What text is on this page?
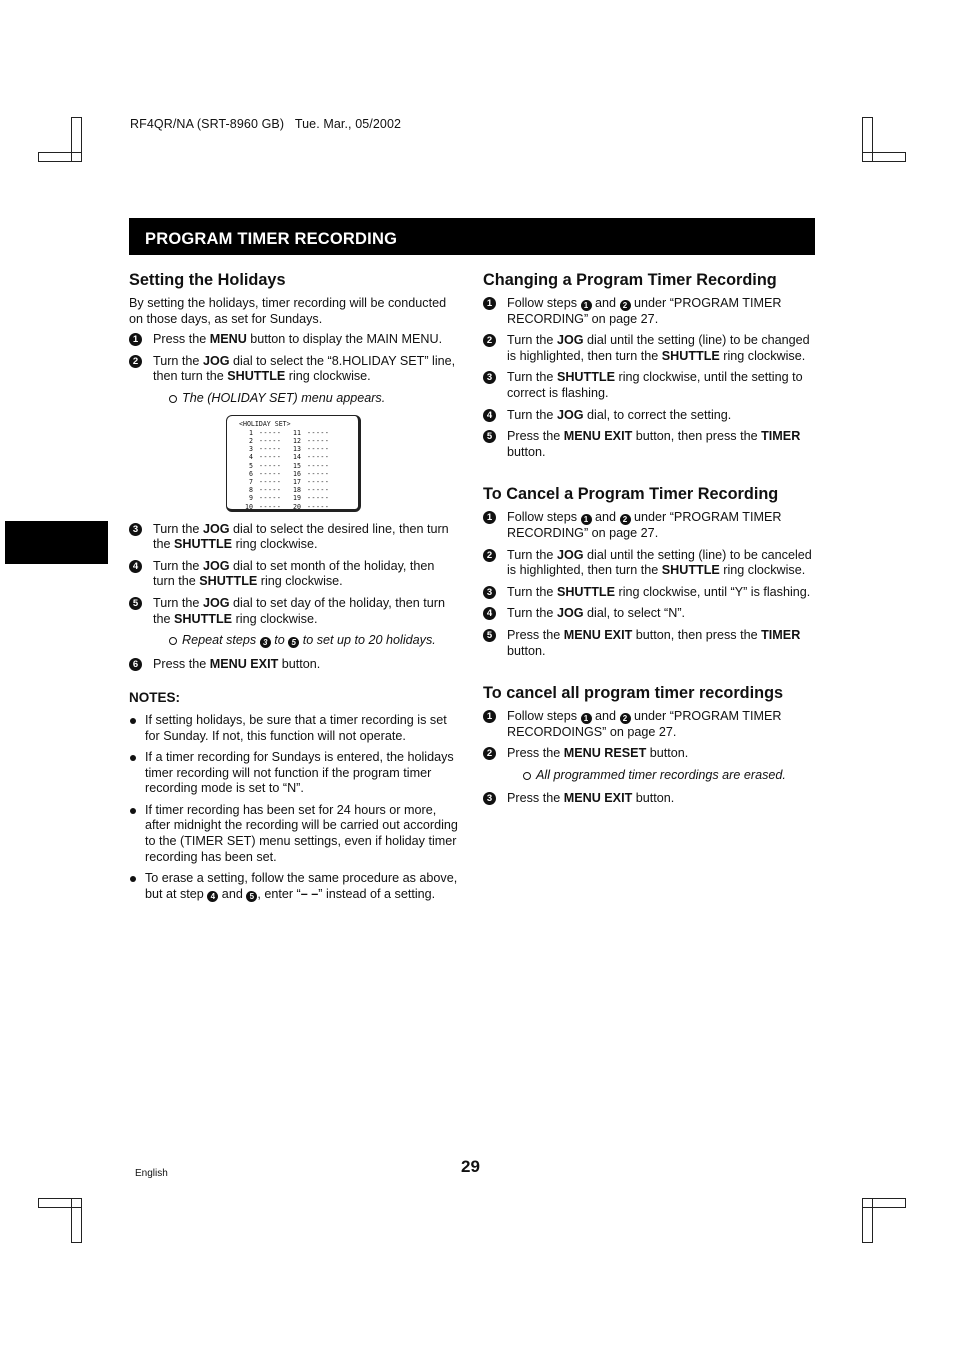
RF4QR/NA (SRT-8960 GB) Tue. Mar., 05/2002
PROGRAM TIMER RECORDING
Setting the Holidays

By setting the holidays, timer recording will be conducted on those days, as set for Sundays.

1	Press the MENU button to display the MAIN MENU.
2	Turn the JOG dial to select the “8.HOLIDAY SET” line, then turn the SHUTTLE ring clockwise.
The (HOLIDAY SET) menu appears.
<HOLIDAY SET>
1 -----	11 -----
2 -----	12 -----
3 -----	13 -----
4 -----	14 -----
5 -----	15 -----
6 -----	16 -----
7 -----	17 -----
8 -----	18 -----
9 -----	19 -----
10 -----	20 -----
3	Turn the JOG dial to select the desired line, then turn the SHUTTLE ring clockwise.
4	Turn the JOG dial to set month of the holiday, then turn the SHUTTLE ring clockwise.
5	Turn the JOG dial to set day of the holiday, then turn the SHUTTLE ring clockwise.
Repeat steps 3 to 5 to set up to 20 holidays.
6	Press the MENU EXIT button.
NOTES:
If setting holidays, be sure that a timer recording is set for Sunday. If not, this function will not operate.
If a timer recording for Sundays is entered, the holidays timer recording will not function if the program timer recording mode is set to “N”.
If timer recording has been set for 24 hours or more, after midnight the recording will be carried out according to the (TIMER SET) menu settings, even if holiday timer recording has been set.
To erase a setting, follow the same procedure as above, but at step 4 and 5 , enter “– –” instead of a setting.
Changing a Program Timer Recording
1	Follow steps 1 and 2 under “PROGRAM TIMER RECORDING” on page 27.
2	Turn the JOG dial until the setting (line) to be changed is highlighted, then turn the SHUTTLE ring clockwise.
3	Turn the SHUTTLE ring clockwise, until the setting to correct is flashing.
4	Turn the JOG dial, to correct the setting.
5	Press the MENU EXIT button, then press the TIMER button.
To Cancel a Program Timer Recording
1	Follow steps 1 and 2 under “PROGRAM TIMER RECORDING” on page 27.
2	Turn the JOG dial until the setting (line) to be canceled is highlighted, then turn the SHUTTLE ring clockwise.
3	Turn the SHUTTLE ring clockwise, until “Y” is flashing.
4	Turn the JOG dial, to select “N”.
5	Press the MENU EXIT button, then press the TIMER button.
To cancel all program timer recordings
1	Follow steps 1 and 2 under “PROGRAM TIMER RECORDOINGS” on page 27.
2	Press the MENU RESET button.
All programmed timer recordings are erased.
3	Press the MENU EXIT button.
English	29
